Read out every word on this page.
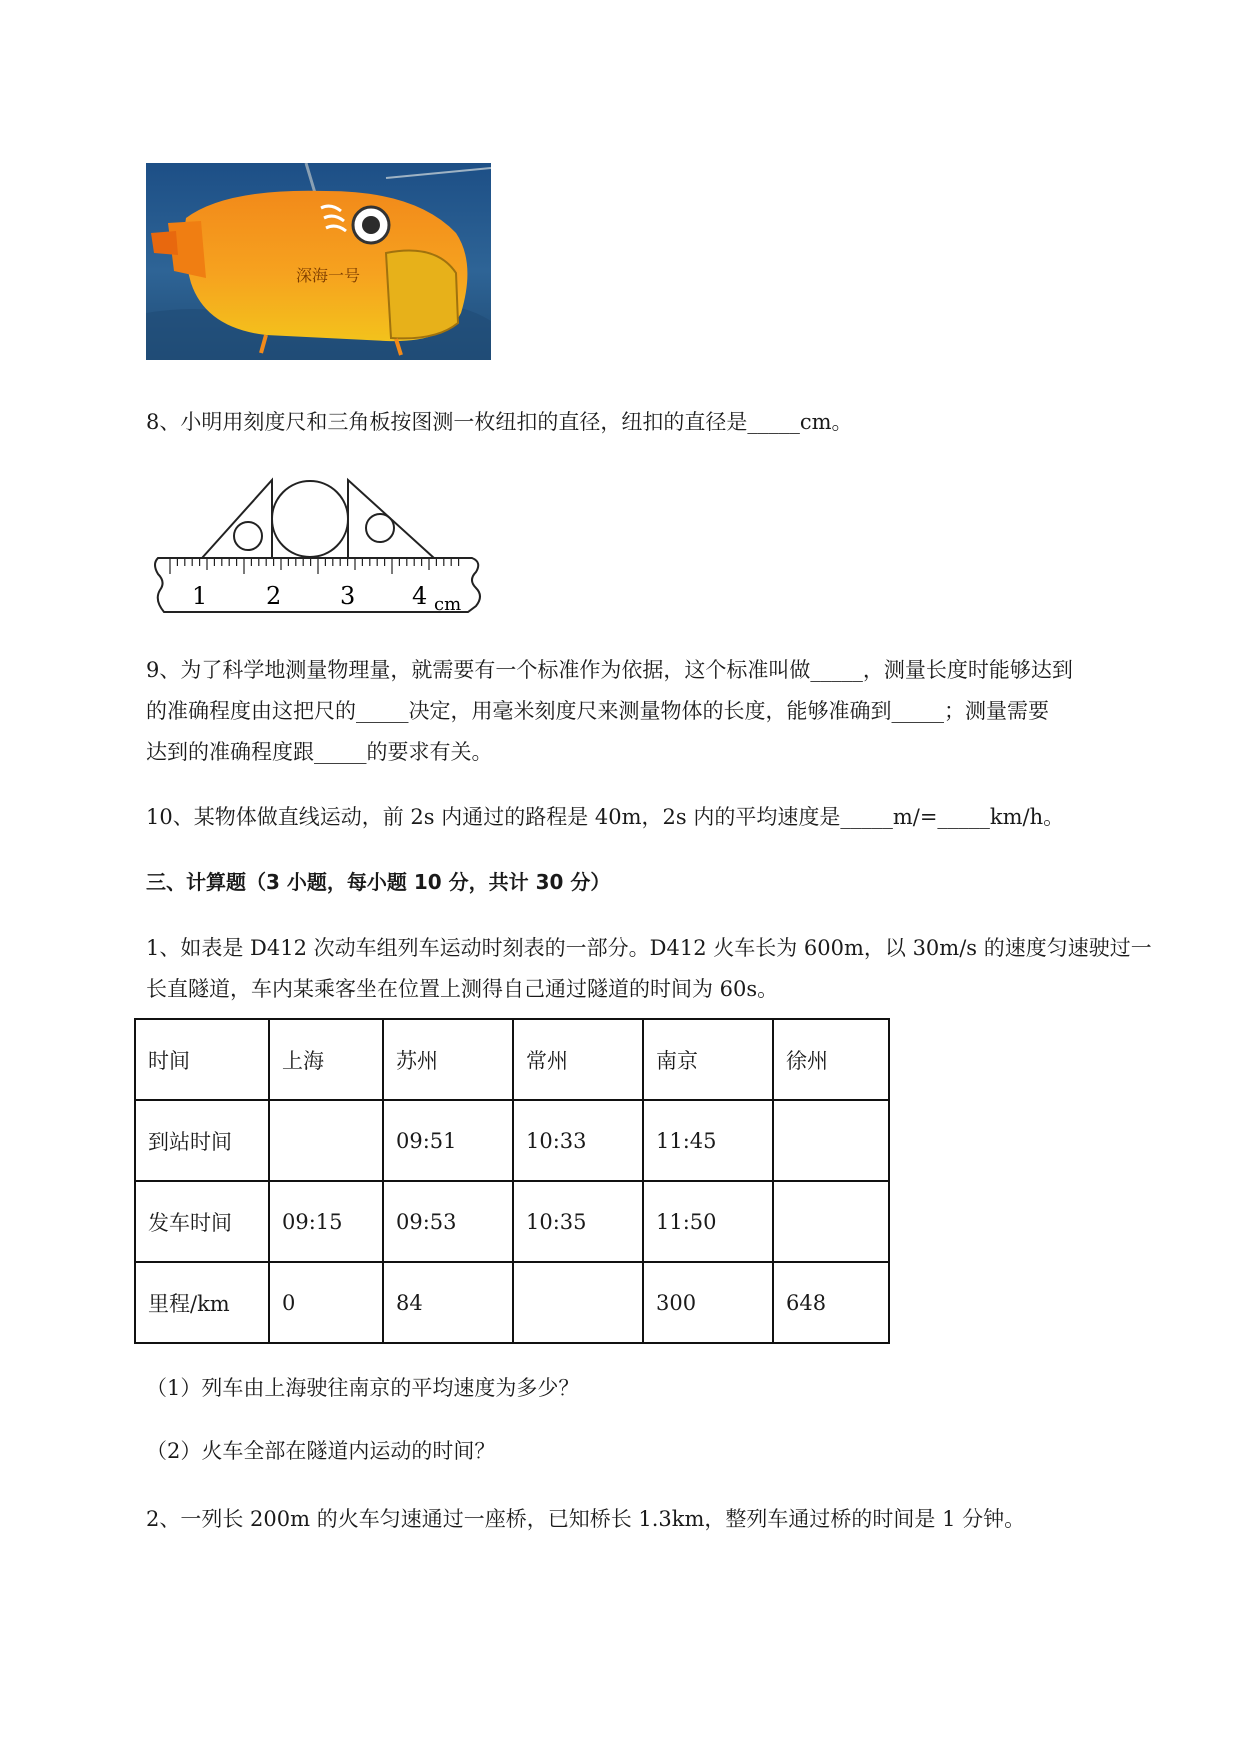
深海一号

8、小明用刻度尺和三角板按图测一枚纽扣的直径，纽扣的直径是_____cm。

1 2 3 4 cm

9、为了科学地测量物理量，就需要有一个标准作为依据，这个标准叫做_____，测量长度时能够达到

的准确程度由这把尺的_____决定，用毫米刻度尺来测量物体的长度，能够准确到_____；测量需要

达到的准确程度跟_____的要求有关。

10、某物体做直线运动，前 2s 内通过的路程是 40m，2s 内的平均速度是_____m/=_____km/h。

三、计算题（3 小题，每小题 10 分，共计 30 分）

1、如表是 D412 次动车组列车运动时刻表的一部分。D412 火车长为 600m，以 30m/s 的速度匀速驶过一

长直隧道，车内某乘客坐在位置上测得自己通过隧道的时间为 60s。

时间	上海	苏州	常州	南京	徐州
到站时间		09:51	10:33	11:45	
发车时间	09:15	09:53	10:35	11:50	
里程/km	0	84		300	648

（1）列车由上海驶往南京的平均速度为多少？

（2）火车全部在隧道内运动的时间？

2、一列长 200m 的火车匀速通过一座桥，已知桥长 1.3km，整列车通过桥的时间是 1 分钟。
